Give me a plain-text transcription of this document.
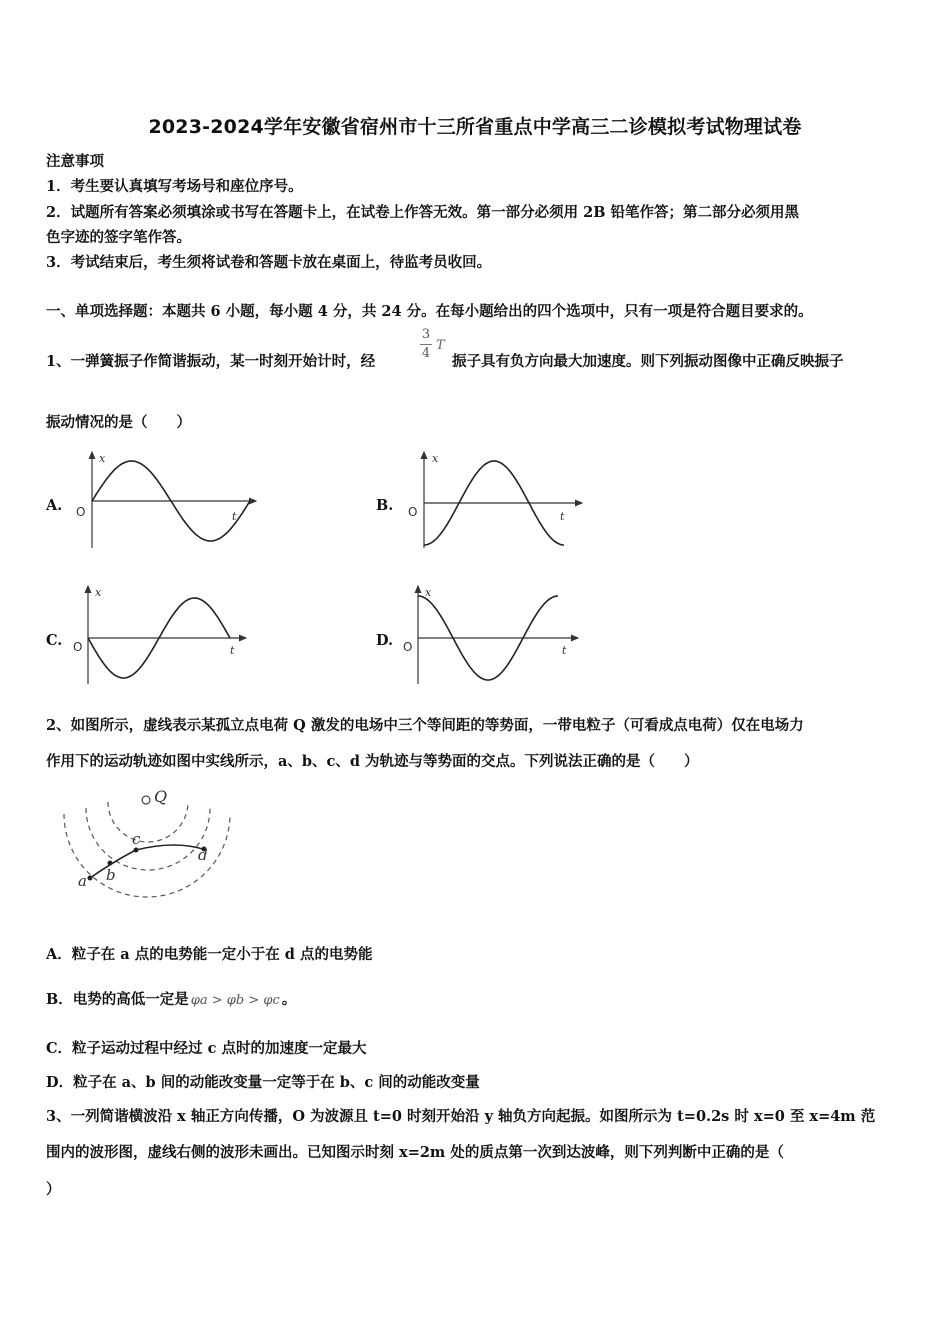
2023-2024学年安徽省宿州市十三所省重点中学高三二诊模拟考试物理试卷
注意事项
1．考生要认真填写考场号和座位序号。
2．试题所有答案必须填涂或书写在答题卡上，在试卷上作答无效。第一部分必须用 2B 铅笔作答；第二部分必须用黑
色字迹的签字笔作答。
3．考试结束后，考生须将试卷和答题卡放在桌面上，待监考员收回。
一、单项选择题：本题共 6 小题，每小题 4 分，共 24 分。在每小题给出的四个选项中，只有一项是符合题目要求的。
1、一弹簧振子作简谐振动，某一时刻开始计时，经	$\frac{3}{4}$ T
振子具有负方向最大加速度。则下列振动图像中正确反映振子
振动情况的是（　　）
A.
x
t
O	B.
x
t
O
C.
x
t
O	D.
x
t
O
2、如图所示，虚线表示某孤立点电荷 Q 激发的电场中三个等间距的等势面，一带电粒子（可看成点电荷）仅在电场力
作用下的运动轨迹如图中实线所示，a、b、c、d 为轨迹与等势面的交点。下列说法正确的是（　　）
Q
a b
c
d
A．粒子在 a 点的电势能一定小于在 d 点的电势能
B．电势的高低一定是 φa > φb > φc 。
C．粒子运动过程中经过 c 点时的加速度一定最大
D．粒子在 a、b 间的动能改变量一定等于在 b、c 间的动能改变量
3、一列简谐横波沿 x 轴正方向传播，O 为波源且 t=0 时刻开始沿 y 轴负方向起振。如图所示为 t=0.2s 时 x=0 至 x=4m 范
围内的波形图，虚线右侧的波形未画出。已知图示时刻 x=2m 处的质点第一次到达波峰，则下列判断中正确的是（
）
